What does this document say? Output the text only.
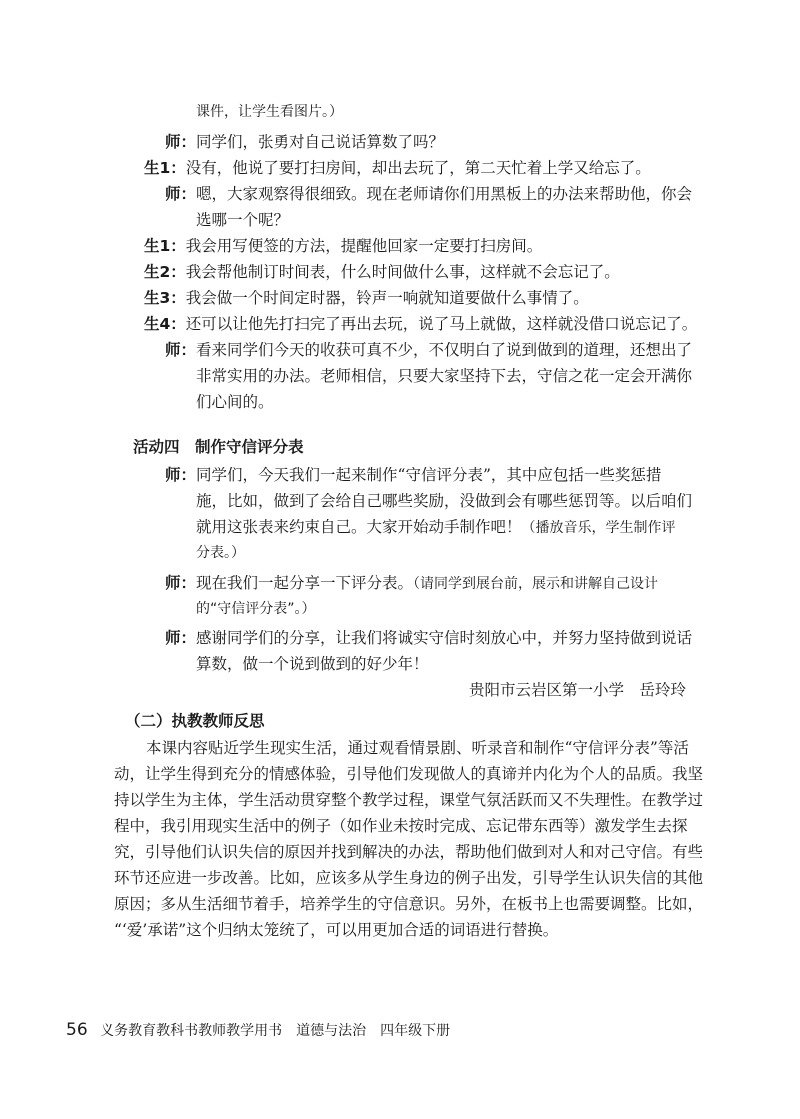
课件，让学生看图片。）
师：同学们，张勇对自己说话算数了吗？
生1：没有，他说了要打扫房间，却出去玩了，第二天忙着上学又给忘了。
师：嗯，大家观察得很细致。现在老师请你们用黑板上的办法来帮助他，你会
选哪一个呢？
生1：我会用写便签的方法，提醒他回家一定要打扫房间。
生2：我会帮他制订时间表，什么时间做什么事，这样就不会忘记了。
生3：我会做一个时间定时器，铃声一响就知道要做什么事情了。
生4：还可以让他先打扫完了再出去玩，说了马上就做，这样就没借口说忘记了。
师：看来同学们今天的收获可真不少，不仅明白了说到做到的道理，还想出了
非常实用的办法。老师相信，只要大家坚持下去，守信之花一定会开满你
们心间的。
活动四　制作守信评分表
师：同学们，今天我们一起来制作“守信评分表”，其中应包括一些奖惩措
施，比如，做到了会给自己哪些奖励，没做到会有哪些惩罚等。以后咱们
就用这张表来约束自己。大家开始动手制作吧！（播放音乐，学生制作评
分表。）
师：现在我们一起分享一下评分表。（请同学到展台前，展示和讲解自己设计
的“守信评分表”。）
师：感谢同学们的分享，让我们将诚实守信时刻放心中，并努力坚持做到说话
算数，做一个说到做到的好少年！
贵阳市云岩区第一小学　岳玲玲
（二）执教教师反思
本课内容贴近学生现实生活，通过观看情景剧、听录音和制作“守信评分表”等活
动，让学生得到充分的情感体验，引导他们发现做人的真谛并内化为个人的品质。我坚
持以学生为主体，学生活动贯穿整个教学过程，课堂气氛活跃而又不失理性。在教学过
程中，我引用现实生活中的例子（如作业未按时完成、忘记带东西等）激发学生去探
究，引导他们认识失信的原因并找到解决的办法，帮助他们做到对人和对己守信。有些
环节还应进一步改善。比如，应该多从学生身边的例子出发，引导学生认识失信的其他
原因；多从生活细节着手，培养学生的守信意识。另外，在板书上也需要调整。比如，
“‘爱’承诺”这个归纳太笼统了，可以用更加合适的词语进行替换。
56 义务教育教科书教师教学用书　道德与法治　四年级下册
